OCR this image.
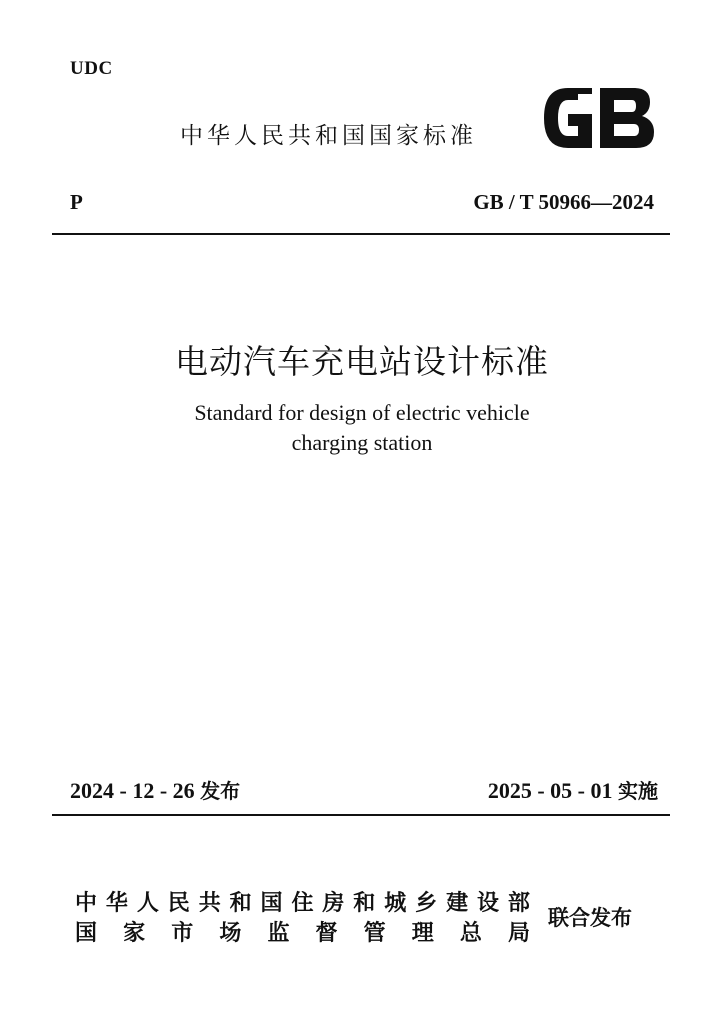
UDC
中华人民共和国国家标准
P	GB / T 50966—2024
电动汽车充电站设计标准
Standard for design of electric vehicle
charging station
2024 - 12 - 26 发布	2025 - 05 - 01 实施
中 华 人 民 共 和 国 住 房 和 城 乡 建 设 部
国 家 市 场 监 督 管 理 总 局
联合发布
